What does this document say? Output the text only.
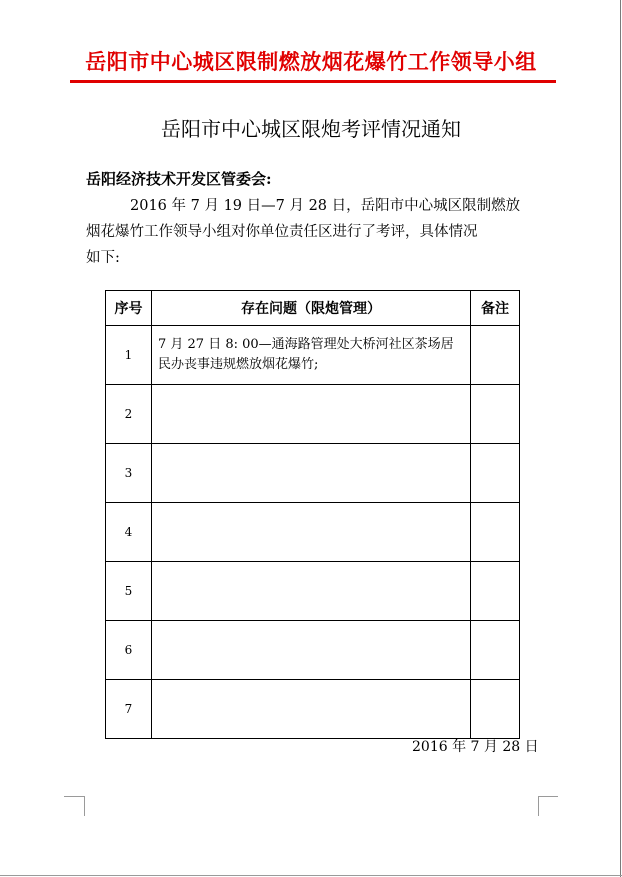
岳阳市中心城区限制燃放烟花爆竹工作领导小组
岳阳市中心城区限炮考评情况通知
岳阳经济技术开发区管委会:
2016 年 7 月 19 日—7 月 28 日，岳阳市中心城区限制燃放
烟花爆竹工作领导小组对你单位责任区进行了考评，具体情况
如下:
序号	存在问题（限炮管理）	备注
1	7 月 27 日 8: 00—通海路管理处大桥河社区茶场居民办丧事违规燃放烟花爆竹;	

2	

3	

4	

5	

6	

7	

2016 年 7 月 28 日
